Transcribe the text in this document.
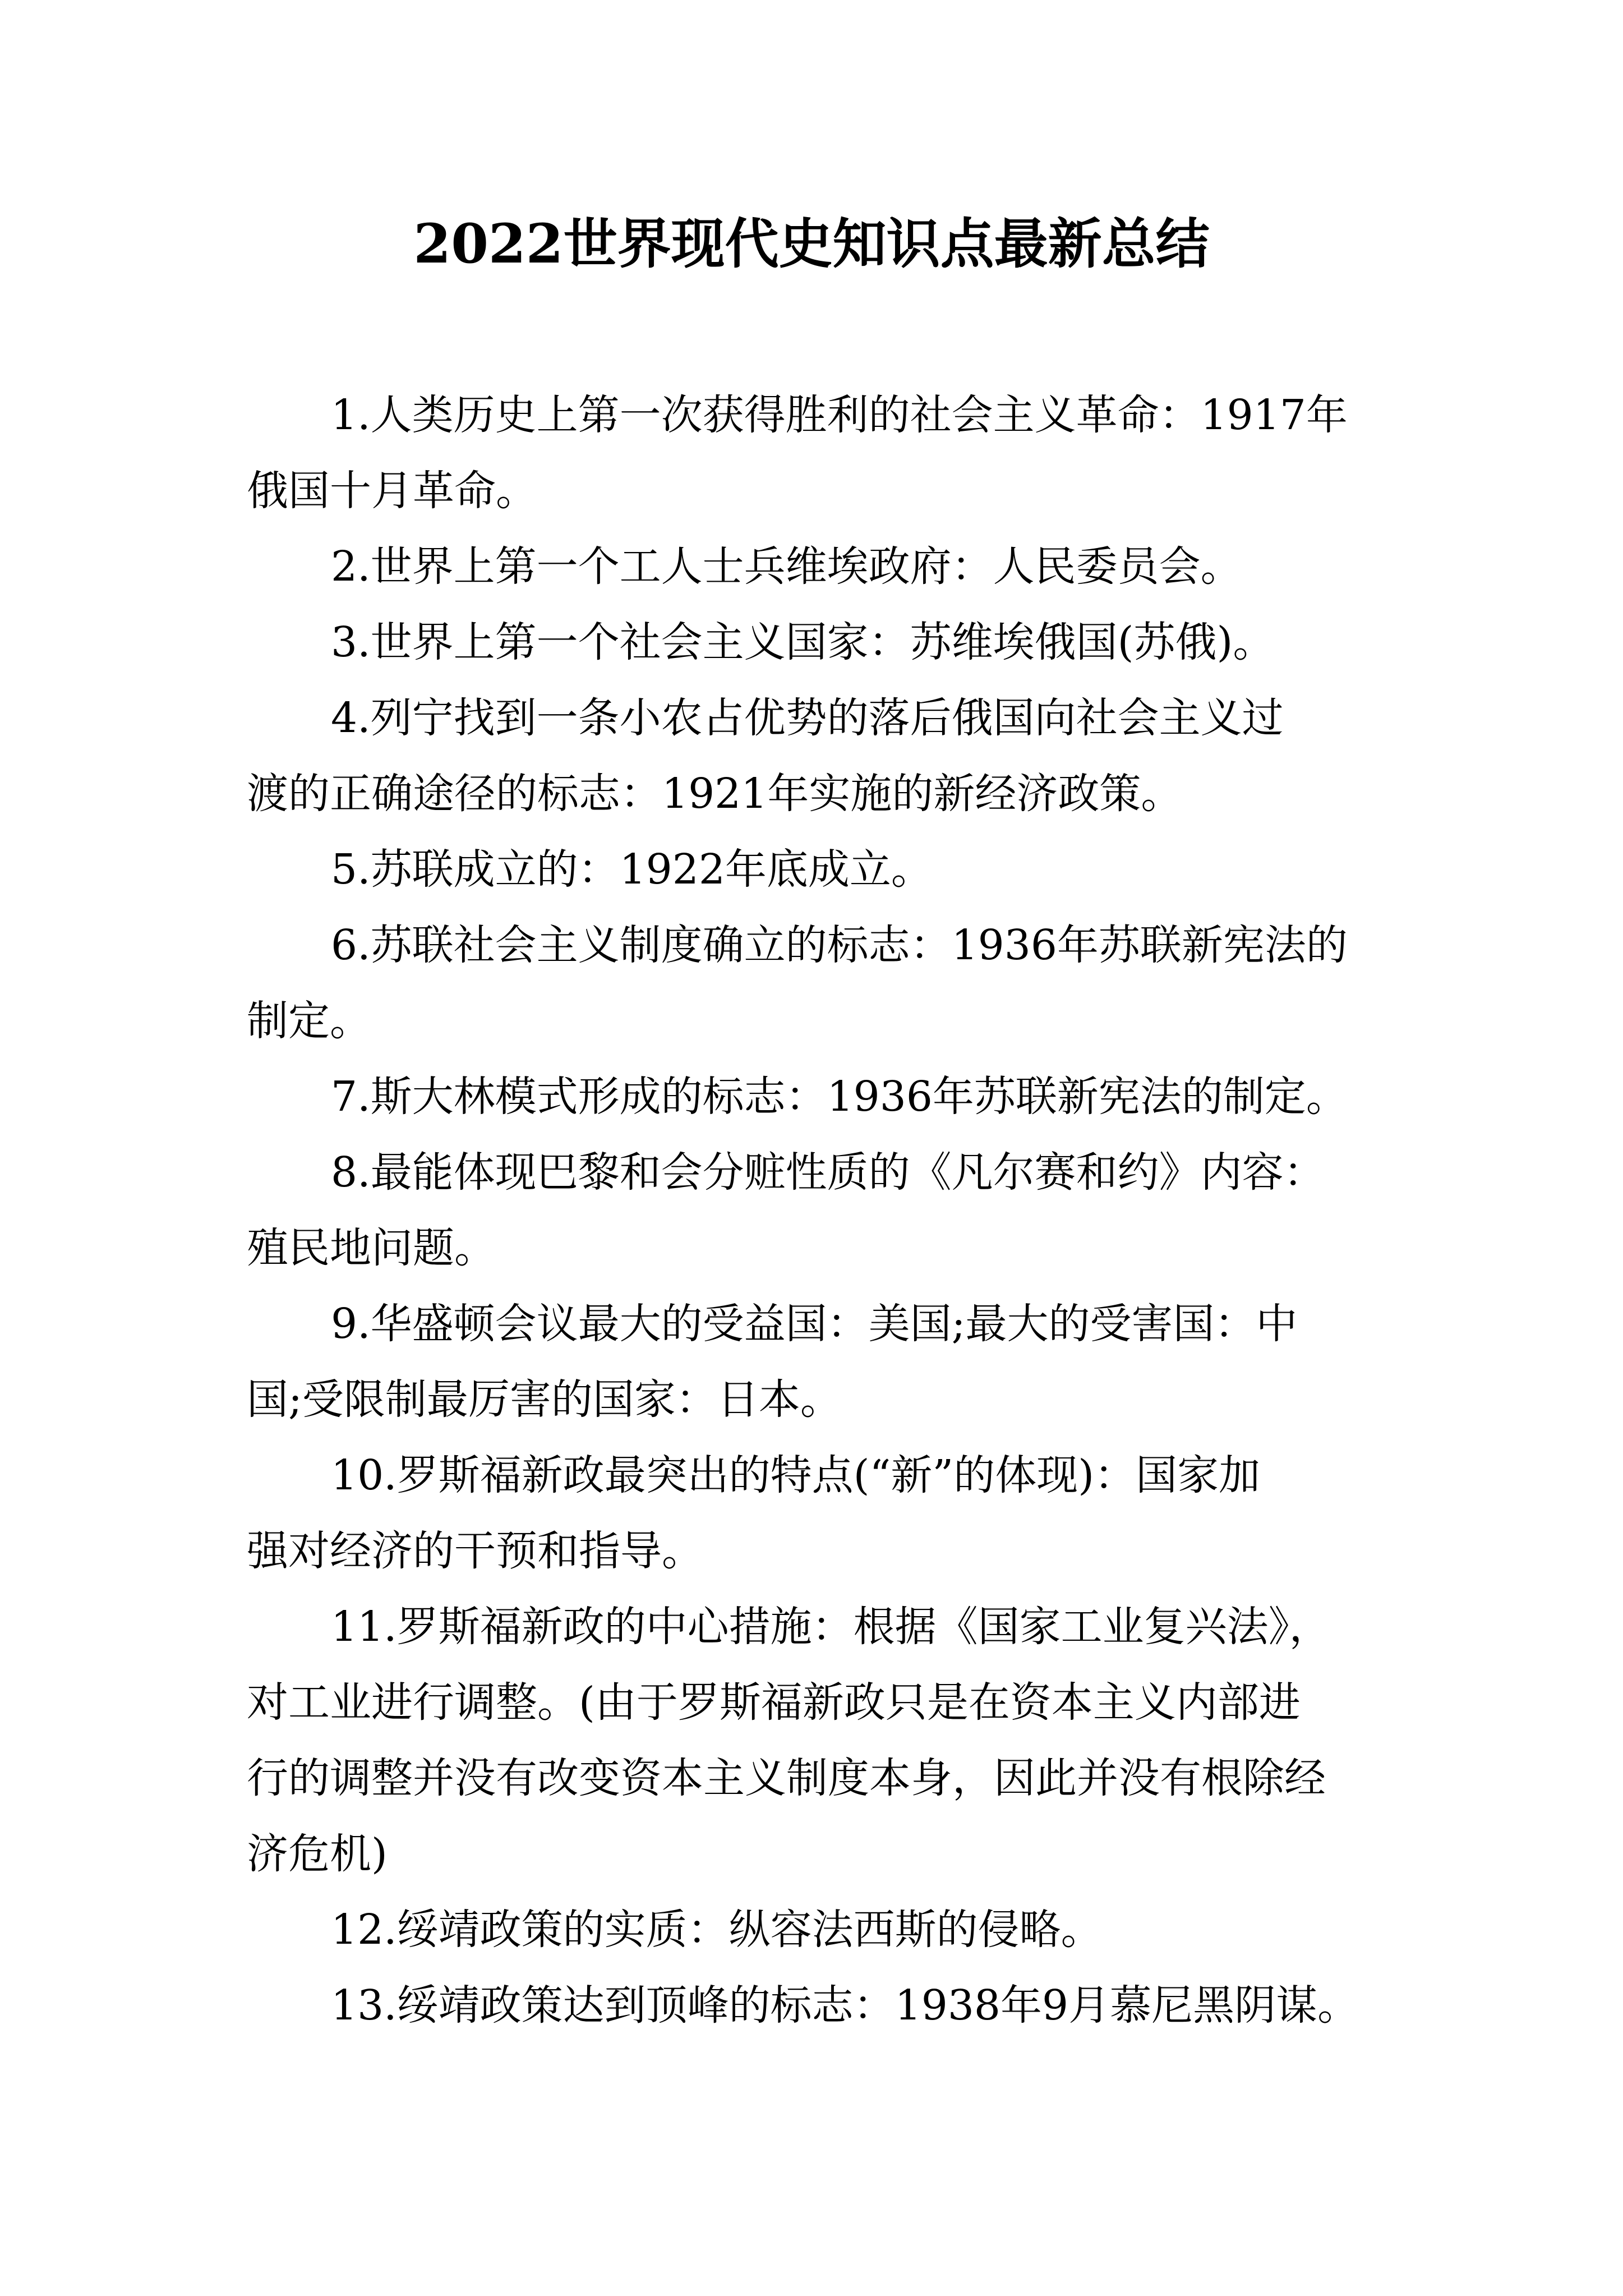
2022世界现代史知识点最新总结
1.人类历史上第一次获得胜利的社会主义革命：1917年
俄国十月革命。
2.世界上第一个工人士兵维埃政府：人民委员会。
3.世界上第一个社会主义国家：苏维埃俄国(苏俄)。
4.列宁找到一条小农占优势的落后俄国向社会主义过
渡的正确途径的标志：1921年实施的新经济政策。
5.苏联成立的：1922年底成立。
6.苏联社会主义制度确立的标志：1936年苏联新宪法的
制定。
7.斯大林模式形成的标志：1936年苏联新宪法的制定。
8.最能体现巴黎和会分赃性质的《凡尔赛和约》内容：
殖民地问题。
9.华盛顿会议最大的受益国：美国;最大的受害国：中
国;受限制最厉害的国家：日本。
10.罗斯福新政最突出的特点(“新”的体现)：国家加
强对经济的干预和指导。
11.罗斯福新政的中心措施：根据《国家工业复兴法》，
对工业进行调整。(由于罗斯福新政只是在资本主义内部进
行的调整并没有改变资本主义制度本身，因此并没有根除经
济危机)
12.绥靖政策的实质：纵容法西斯的侵略。
13.绥靖政策达到顶峰的标志：1938年9月慕尼黑阴谋。
